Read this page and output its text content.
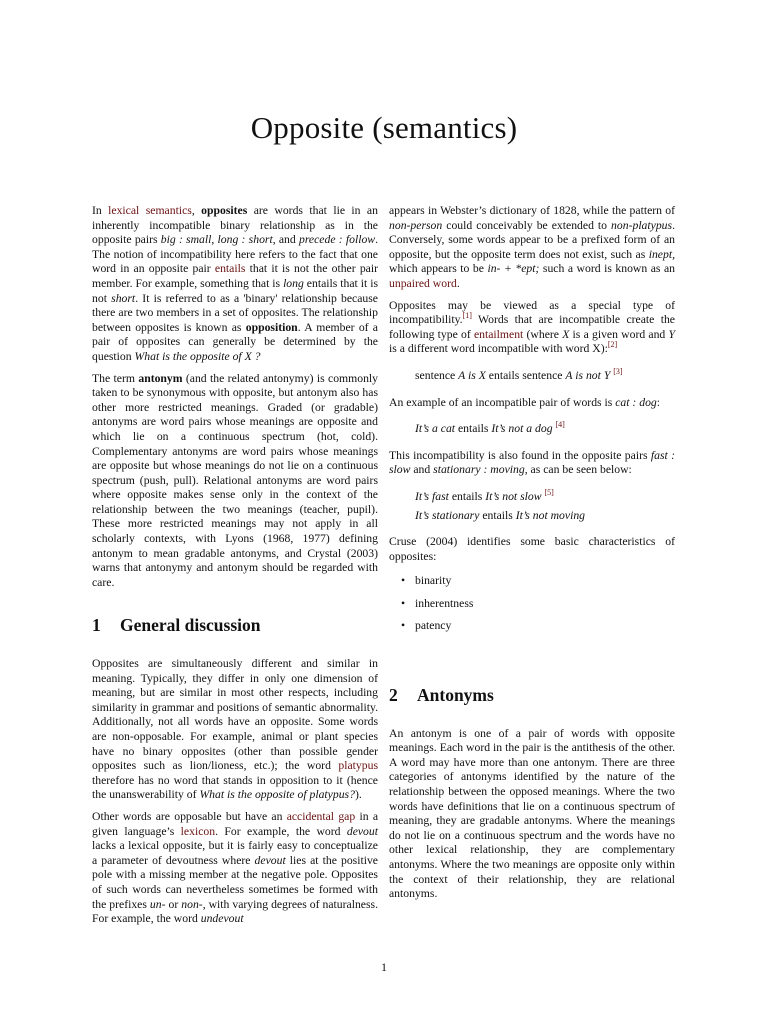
Opposite (semantics)

In lexical semantics, opposites are words that lie in an inherently incompatible binary relationship as in the opposite pairs big : small, long : short, and precede : follow. The notion of incompatibility here refers to the fact that one word in an opposite pair entails that it is not the other pair member. For example, something that is long entails that it is not short. It is referred to as a 'binary' relationship because there are two members in a set of opposites. The relationship between opposites is known as opposition. A member of a pair of opposites can generally be determined by the question What is the opposite of X ?

The term antonym (and the related antonymy) is commonly taken to be synonymous with opposite, but antonym also has other more restricted meanings. Graded (or gradable) antonyms are word pairs whose meanings are opposite and which lie on a continuous spectrum (hot, cold). Complementary antonyms are word pairs whose meanings are opposite but whose meanings do not lie on a continuous spectrum (push, pull). Relational antonyms are word pairs where opposite makes sense only in the context of the relationship between the two meanings (teacher, pupil). These more restricted meanings may not apply in all scholarly contexts, with Lyons (1968, 1977) defining antonym to mean gradable antonyms, and Crystal (2003) warns that antonymy and antonym should be regarded with care.

1 General discussion

Opposites are simultaneously different and similar in meaning. Typically, they differ in only one dimension of meaning, but are similar in most other respects, including similarity in grammar and positions of semantic abnormality. Additionally, not all words have an opposite. Some words are non-opposable. For example, animal or plant species have no binary opposites (other than possible gender opposites such as lion/lioness, etc.); the word platypus therefore has no word that stands in opposition to it (hence the unanswerability of What is the opposite of platypus?).

Other words are opposable but have an accidental gap in a given language’s lexicon. For example, the word devout lacks a lexical opposite, but it is fairly easy to conceptualize a parameter of devoutness where devout lies at the positive pole with a missing member at the negative pole. Opposites of such words can nevertheless sometimes be formed with the prefixes un- or non-, with varying degrees of naturalness. For example, the word undevout

appears in Webster’s dictionary of 1828, while the pattern of non-person could conceivably be extended to non-platypus. Conversely, some words appear to be a prefixed form of an opposite, but the opposite term does not exist, such as inept, which appears to be in- + *ept; such a word is known as an unpaired word.

Opposites may be viewed as a special type of incompatibility.[1] Words that are incompatible create the following type of entailment (where X is a given word and Y is a different word incompatible with word X):[2]

sentence A is X entails sentence A is not Y [3]

An example of an incompatible pair of words is cat : dog:

It’s a cat entails It’s not a dog [4]

This incompatibility is also found in the opposite pairs fast : slow and stationary : moving, as can be seen below:

It’s fast entails It’s not slow [5]
It’s stationary entails It’s not moving

Cruse (2004) identifies some basic characteristics of opposites:

• binarity
• inherentness
• patency
2 Antonyms

An antonym is one of a pair of words with opposite meanings. Each word in the pair is the antithesis of the other. A word may have more than one antonym. There are three categories of antonyms identified by the nature of the relationship between the opposed meanings. Where the two words have definitions that lie on a continuous spectrum of meaning, they are gradable antonyms. Where the meanings do not lie on a continuous spectrum and the words have no other lexical relationship, they are complementary antonyms. Where the two meanings are opposite only within the context of their relationship, they are relational antonyms.

1
